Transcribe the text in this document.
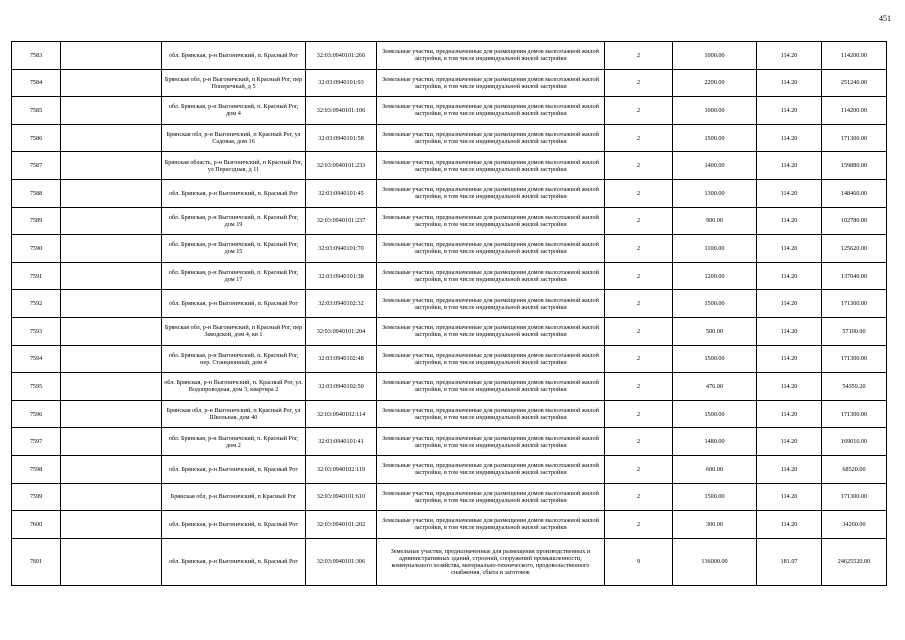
451
7583		обл. Брянская, р-н Выгоничский, п. Красный Рог	32:03:0940101:266	Земельные участки, предназначенные для размещения домов малоэтажной жилой застройки, в том числе индивидуальной жилой застройки	2	1000.00	114.20	114200.00
7584		Брянская обл, р-н Выгоничский, п Красный Рог, пер Поперечный, д 5	32:03:0940101:93	Земельные участки, предназначенные для размещения домов малоэтажной жилой застройки, в том числе индивидуальной жилой застройки	2	2200.00	114.20	251240.00
7585		обл. Брянская, р-н Выгоничский, п. Красный Рог, дом 4	32:03:0940101:106	Земельные участки, предназначенные для размещения домов малоэтажной жилой застройки, в том числе индивидуальной жилой застройки	2	1000.00	114.20	114200.00
7586		Брянская обл, р-н Выгоничский, п Красный Рог, ул Садовая, дом 16	32:03:0940101:58	Земельные участки, предназначенные для размещения домов малоэтажной жилой застройки, в том числе индивидуальной жилой застройки	2	1500.00	114.20	171300.00
7587		Брянская область, р-н Выгоничский, п Красный Рог, ул Переездная, д 11	32:03:0940101:233	Земельные участки, предназначенные для размещения домов малоэтажной жилой застройки, в том числе индивидуальной жилой застройки	2	1400.00	114.20	159880.00
7588		обл. Брянская, р-н Выгоничский, п. Красный Рог	32:03:0940101:45	Земельные участки, предназначенные для размещения домов малоэтажной жилой застройки, в том числе индивидуальной жилой застройки	2	1300.00	114.20	148460.00
7589		обл. Брянская, р-н Выгоничский, п. Красный Рог, дом 19	32:03:0940101:237	Земельные участки, предназначенные для размещения домов малоэтажной жилой застройки, в том числе индивидуальной жилой застройки	2	900.00	114.20	102780.00
7590		обл. Брянская, р-н Выгоничский, п. Красный Рог, дом 15	32:03:0940101:70	Земельные участки, предназначенные для размещения домов малоэтажной жилой застройки, в том числе индивидуальной жилой застройки	2	1100.00	114.20	125620.00
7591		обл. Брянская, р-н Выгоничский, п. Красный Рог, дом 17	32:03:0940101:38	Земельные участки, предназначенные для размещения домов малоэтажной жилой застройки, в том числе индивидуальной жилой застройки	2	1200.00	114.20	137040.00
7592		обл. Брянская, р-н Выгоничский, п. Красный Рог	32:03:0940102:32	Земельные участки, предназначенные для размещения домов малоэтажной жилой застройки, в том числе индивидуальной жилой застройки	2	1500.00	114.20	171300.00
7593		Брянская обл, р-н Выгоничский, п Красный Рог, пер Заводской, дом 4, кв 1	32:03:0940101:204	Земельные участки, предназначенные для размещения домов малоэтажной жилой застройки, в том числе индивидуальной жилой застройки	2	500.00	114.20	57100.00
7594		обл. Брянская, р-н Выгоничский, п. Красный Рог, пер. Станционный, дом 4	32:03:0940102:48	Земельные участки, предназначенные для размещения домов малоэтажной жилой застройки, в том числе индивидуальной жилой застройки	2	1500.00	114.20	171300.00
7595		обл. Брянская, р-н Выгоничский, п. Красный Рог, ул. Водопроводная, дом 3, квартира 2	32:03:0940102:50	Земельные участки, предназначенные для размещения домов малоэтажной жилой застройки, в том числе индивидуальной жилой застройки	2	476.00	114.20	54359.20
7596		Брянская обл, р-н Выгоничский, п Красный Рог, ул Школьная, дом 40	32:03:0940102:114	Земельные участки, предназначенные для размещения домов малоэтажной жилой застройки, в том числе индивидуальной жилой застройки	2	1500.00	114.20	171300.00
7597		обл. Брянская, р-н Выгоничский, п. Красный Рог, дом 2	32:03:0940101:41	Земельные участки, предназначенные для размещения домов малоэтажной жилой застройки, в том числе индивидуальной жилой застройки	2	1480.00	114.20	169016.00
7598		обл. Брянская, р-н Выгоничский, п. Красный Рог	32:03:0940102:119	Земельные участки, предназначенные для размещения домов малоэтажной жилой застройки, в том числе индивидуальной жилой застройки	2	600.00	114.20	68520.00
7599		Брянская обл, р-н Выгоничский, п Красный Рог	32:03:0940101:610	Земельные участки, предназначенные для размещения домов малоэтажной жилой застройки, в том числе индивидуальной жилой застройки	2	1500.00	114.20	171300.00
7600		обл. Брянская, р-н Выгоничский, п. Красный Рог	32:03:0940101:202	Земельные участки, предназначенные для размещения домов малоэтажной жилой застройки, в том числе индивидуальной жилой застройки	2	300.00	114.20	34260.00
7601		обл. Брянская, р-н Выгоничский, п. Красный Рог	32:03:0940101:306	Земельные участки, предназначенные для размещения производственных и административных зданий, строений, сооружений промышленности, коммунального хозяйства, материально-технического, продовольственного снабжения, сбыта и заготовок	9	136000.00	181.07	24625520.00
